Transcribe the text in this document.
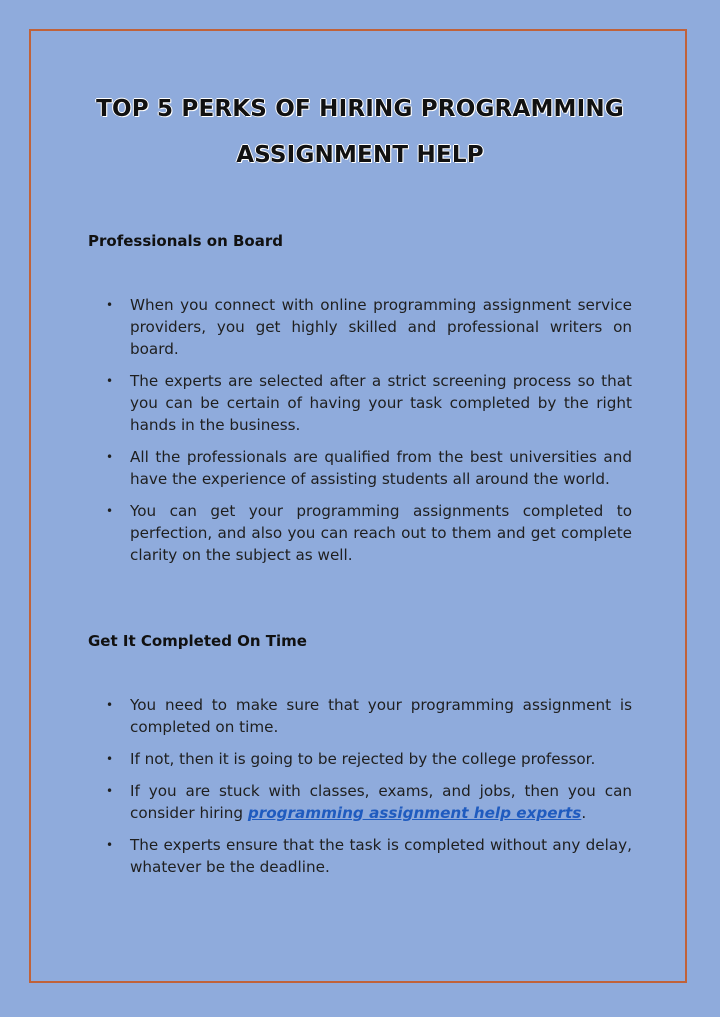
TOP 5 PERKS OF HIRING PROGRAMMING
ASSIGNMENT HELP
Professionals on Board
• When you connect with online programming assignment service providers, you get highly skilled and professional writers on board.
• The experts are selected after a strict screening process so that you can be certain of having your task completed by the right hands in the business.
• All the professionals are qualified from the best universities and have the experience of assisting students all around the world.
• You can get your programming assignments completed to perfection, and also you can reach out to them and get complete clarity on the subject as well.
Get It Completed On Time
• You need to make sure that your programming assignment is completed on time.
• If not, then it is going to be rejected by the college professor.
• If you are stuck with classes, exams, and jobs, then you can consider hiring programming assignment help experts.
• The experts ensure that the task is completed without any delay, whatever be the deadline.
